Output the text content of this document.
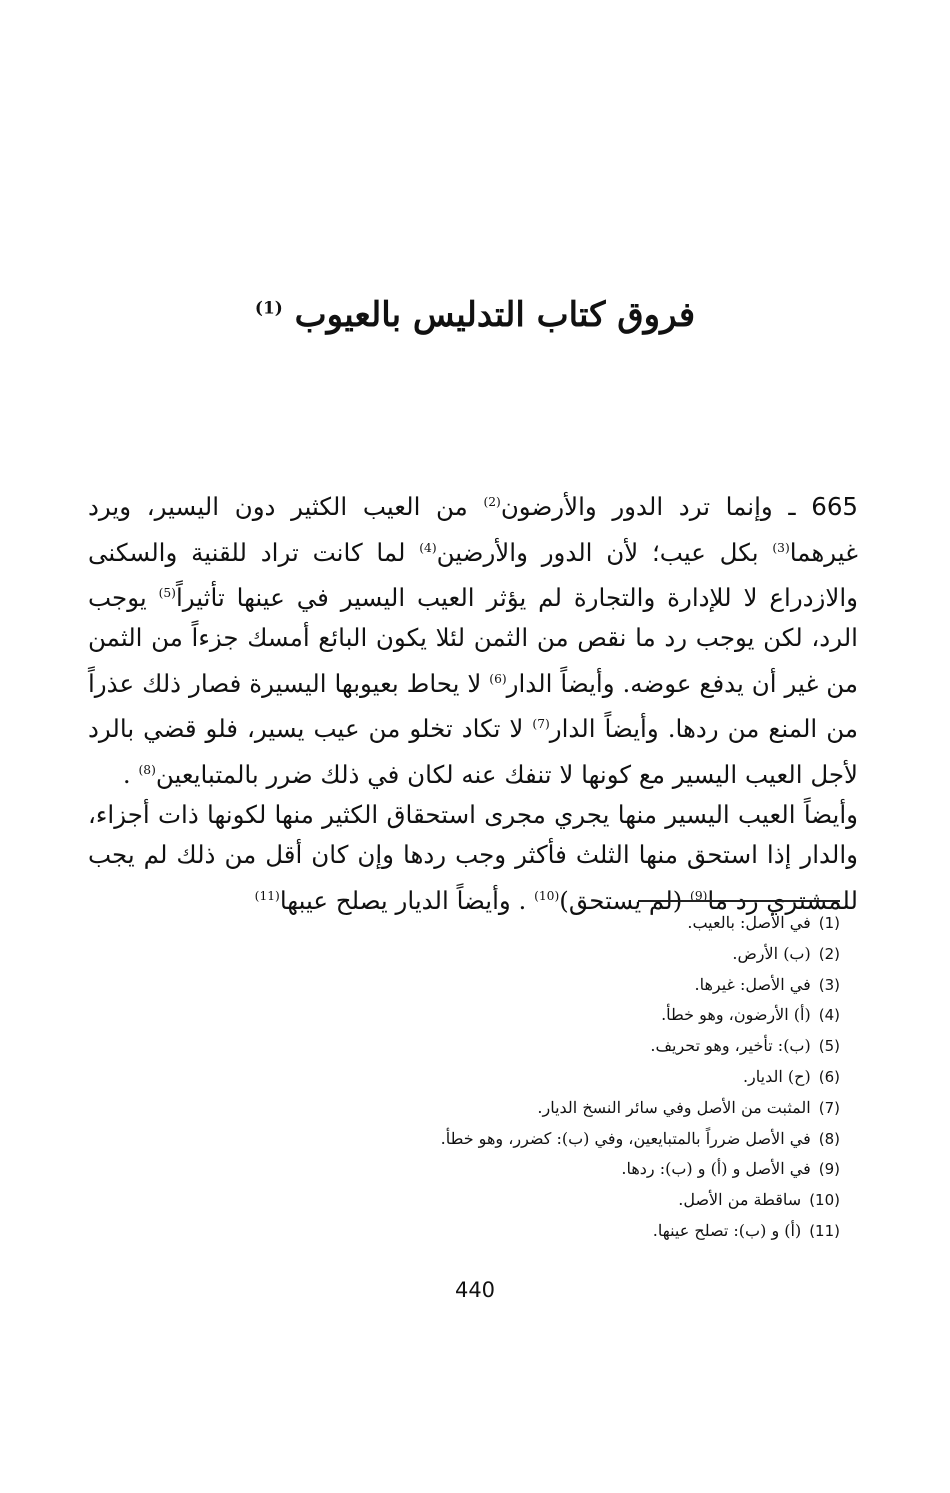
فروق كتاب التدليس بالعيوب $^{(1)}$

665 ـ وإنما ترد الدور والأرضون$^{(2)}$ من العيب الكثير دون اليسير، ويرد غيرهما$^{(3)}$ بكل عيب؛ لأن الدور والأرضين$^{(4)}$ لما كانت تراد للقنية والسكنى والازدراع لا للإدارة والتجارة لم يؤثر العيب اليسير في عينها تأثيراً$^{(5)}$ يوجب الرد، لكن يوجب رد ما نقص من الثمن لئلا يكون البائع أمسك جزءاً من الثمن من غير أن يدفع عوضه. وأيضاً الدار$^{(6)}$ لا يحاط بعيوبها اليسيرة فصار ذلك عذراً من المنع من ردها. وأيضاً الدار$^{(7)}$ لا تكاد تخلو من عيب يسير، فلو قضي بالرد لأجل العيب اليسير مع كونها لا تنفك عنه لكان في ذلك ضرر بالمتبايعين$^{(8)}$ .

وأيضاً العيب اليسير منها يجري مجرى استحقاق الكثير منها لكونها ذات أجزاء، والدار إذا استحق منها الثلث فأكثر وجب ردها وإن كان أقل من ذلك لم يجب للمشتري رد ما$^{(9)}$ (لم يستحق)$^{(10)}$ . وأيضاً الديار يصلح عيبها$^{(11)}$

(1)في الأصل: بالعيب.
(2)(ب) الأرض.
(3)في الأصل: غيرها.
(4)(أ) الأرضون، وهو خطأ.
(5)(ب): تأخير، وهو تحريف.
(6)(ح) الديار.
(7)المثبت من الأصل وفي سائر النسخ الديار.
(8)في الأصل ضرراً بالمتبايعين، وفي (ب): كضرر، وهو خطأ.
(9)في الأصل و (أ) و (ب): ردها.
(10)ساقطة من الأصل.
(11)(أ) و (ب): تصلح عينها.
440
